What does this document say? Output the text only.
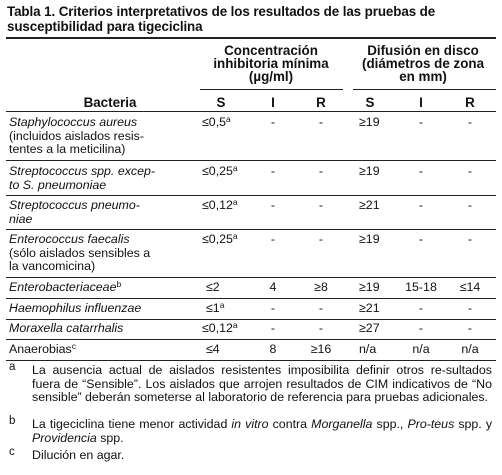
Tabla 1. Criterios interpretativos de los resultados de las pruebas de
susceptibilidad para tigeciclina
Concentración
inhibitoria mínima
(µg/ml)
Difusión en disco
(diámetros de zona
en mm)
Bacteria	S	I	R	S	I	R
Staphylococcus aureus
(incluidos aislados resis-
tentes a la meticilina)
≤0,5$^a$	-	-	≥19	-	-
Streptococcus spp. excep-
to S. pneumoniae
≤0,25$^a$	-	-	≥19	-	-
Streptococcus pneumo-
niae
≤0,12$^a$	-	-	≥21	-	-
Enterococcus faecalis
(sólo aislados sensibles a
la vancomicina)
≤0,25$^a$	-	-	≥19	-	-
Enterobacteriaceae$^b$	≤2	4	≥8	≥19	15-18	≤14
Haemophilus influenzae	$\le 1^a$	-	-	≥21	-	-
Moraxella catarrhalis	≤0,12$^a$	-	-	≥27	-	-
Anaerobias$^c$	≤4	8	≥16	n/a	n/a	n/a
a La ausencia actual de aislados resistentes imposibilita definir otros re-sultados fuera de “Sensible”. Los aislados que arrojen resultados de CIM indicativos de “No sensible” deberán someterse al laboratorio de referencia para pruebas adicionales.
b La tigeciclina tiene menor actividad in vitro contra Morganella spp., Pro-teus spp. y Providencia spp.
c Dilución en agar.
